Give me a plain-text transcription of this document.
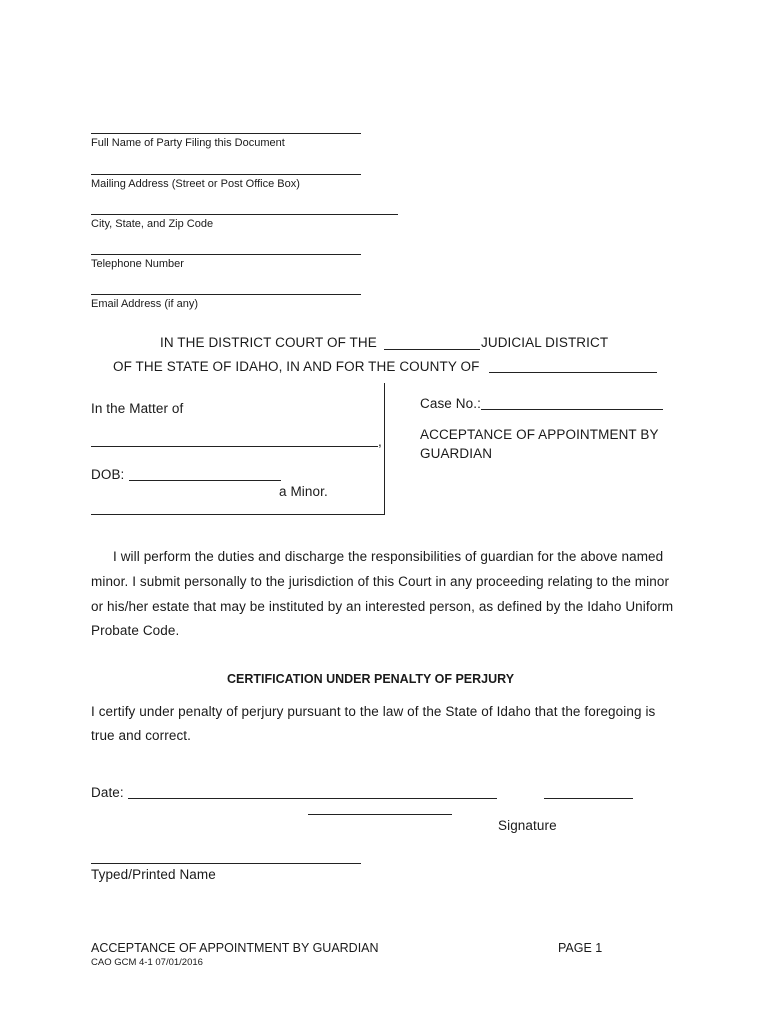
Full Name of Party Filing this Document
Mailing Address (Street or Post Office Box)
City, State, and Zip Code
Telephone Number
Email Address (if any)
IN THE DISTRICT COURT OF THE	JUDICIAL DISTRICT
OF THE STATE OF IDAHO, IN AND FOR THE COUNTY OF
In the Matter of
,
DOB:
a Minor.
Case No.:
ACCEPTANCE OF APPOINTMENT BY
GUARDIAN
I will perform the duties and discharge the responsibilities of guardian for the above named
minor. I submit personally to the jurisdiction of this Court in any proceeding relating to the minor
or his/her estate that may be instituted by an interested person, as defined by the Idaho Uniform
Probate Code.
CERTIFICATION UNDER PENALTY OF PERJURY
I certify under penalty of perjury pursuant to the law of the State of Idaho that the foregoing is
true and correct.
Date:
Signature
Typed/Printed Name
ACCEPTANCE OF APPOINTMENT BY GUARDIAN	PAGE 1
CAO GCM 4-1 07/01/2016
